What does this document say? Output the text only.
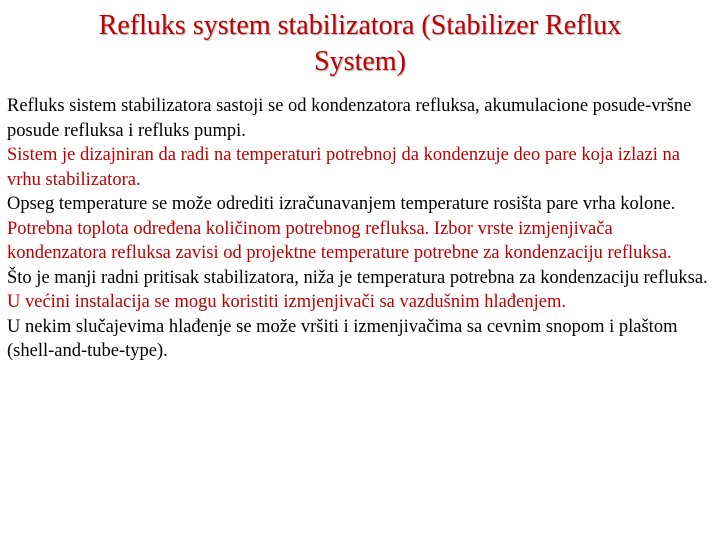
Refluks system stabilizatora (Stabilizer Reflux
System)

Refluks sistem stabilizatora sastoji se od kondenzatora refluksa, akumulacione posude-vršne posude refluksa i refluks pumpi.

Sistem je dizajniran da radi na temperaturi potrebnoj da kondenzuje deo pare koja izlazi na vrhu stabilizatora.

Opseg temperature se može odrediti izračunavanjem temperature rosišta pare vrha kolone.

Potrebna toplota određena količinom potrebnog refluksa. Izbor vrste izmjenjivača kondenzatora refluksa zavisi od projektne temperature potrebne za kondenzaciju refluksa.

Što je manji radni pritisak stabilizatora, niža je temperatura potrebna za kondenzaciju refluksa.

U većini instalacija se mogu koristiti izmjenjivači sa vazdušnim hlađenjem.

U nekim slučajevima hlađenje se može vršiti i izmenjivačima sa cevnim snopom i plaštom (shell-and-tube-type).
